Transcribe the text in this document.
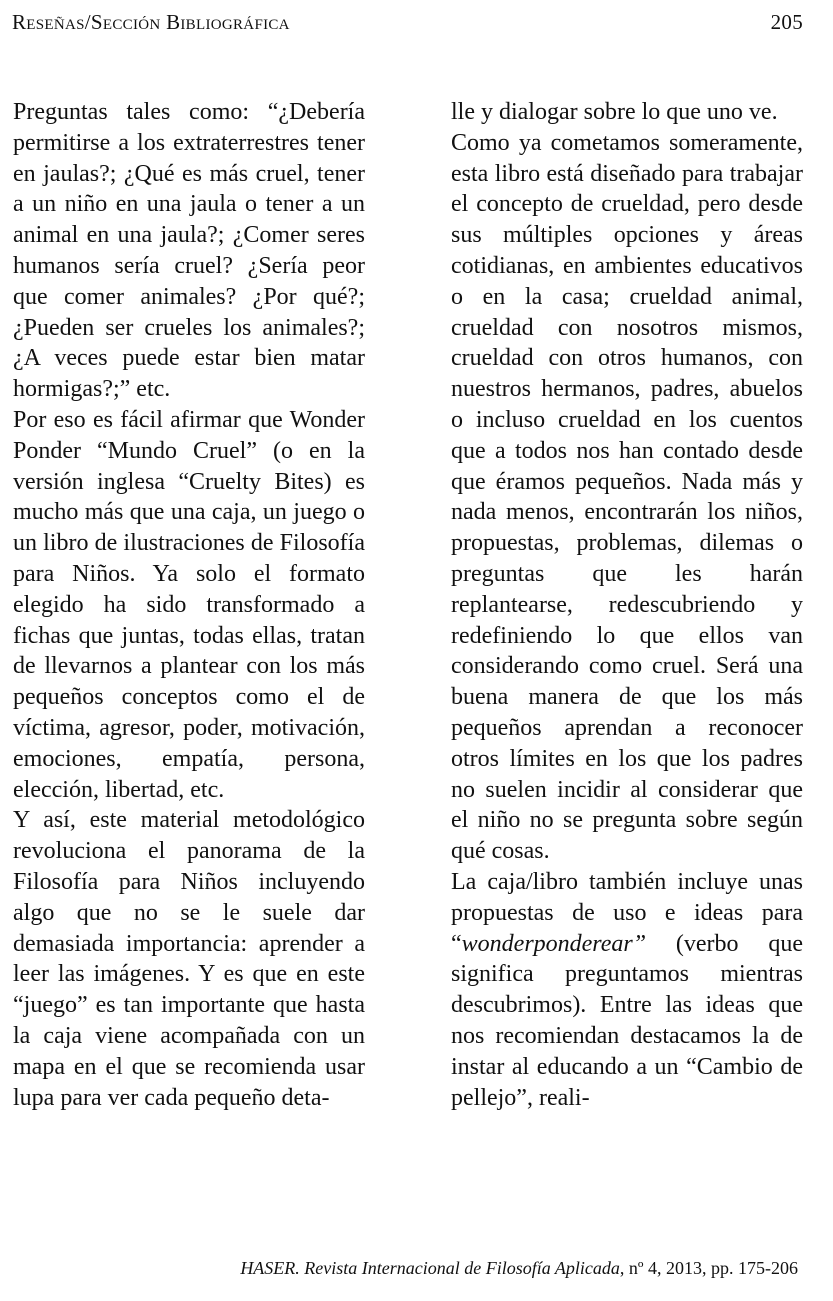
Reseñas/Sección Bibliográfica	205

Preguntas tales como: “¿Debería permitirse a los extraterrestres tener en jaulas?; ¿Qué es más cruel, tener a un niño en una jaula o tener a un animal en una jaula?; ¿Comer seres humanos sería cruel? ¿Sería peor que comer animales? ¿Por qué?; ¿Pueden ser crueles los animales?; ¿A veces puede estar bien matar hormigas?;” etc.

Por eso es fácil afirmar que Wonder Ponder “Mundo Cruel” (o en la versión inglesa “Cruelty Bites) es mucho más que una caja, un juego o un libro de ilustraciones de Filosofía para Niños. Ya solo el formato elegido ha sido transformado a fichas que juntas, todas ellas, tratan de llevarnos a plantear con los más pequeños conceptos como el de víctima, agresor, poder, motivación, emociones, empatía, persona, elección, libertad, etc.

Y así, este material metodológico revoluciona el panorama de la Filosofía para Niños incluyendo algo que no se le suele dar demasiada importancia: aprender a leer las imágenes. Y es que en este “juego” es tan importante que hasta la caja viene acompañada con un mapa en el que se recomienda usar lupa para ver cada pequeño deta-

lle y dialogar sobre lo que uno ve.

Como ya cometamos someramente, esta libro está diseñado para trabajar el concepto de crueldad, pero desde sus múltiples opciones y áreas cotidianas, en ambientes educativos o en la casa; crueldad animal, crueldad con nosotros mismos, crueldad con otros humanos, con nuestros hermanos, padres, abuelos o incluso crueldad en los cuentos que a todos nos han contado desde que éramos pequeños. Nada más y nada menos, encontrarán los niños, propuestas, problemas, dilemas o preguntas que les harán replantearse, redescubriendo y redefiniendo lo que ellos van considerando como cruel. Será una buena manera de que los más pequeños aprendan a reconocer otros límites en los que los padres no suelen incidir al considerar que el niño no se pregunta sobre según qué cosas.

La caja/libro también incluye unas propuestas de uso e ideas para “wonderponderear” (verbo que significa preguntamos mientras descubrimos). Entre las ideas que nos recomiendan destacamos la de instar al educando a un “Cambio de pellejo”, reali-

HASER. Revista Internacional de Filosofía Aplicada, nº 4, 2013, pp. 175-206
